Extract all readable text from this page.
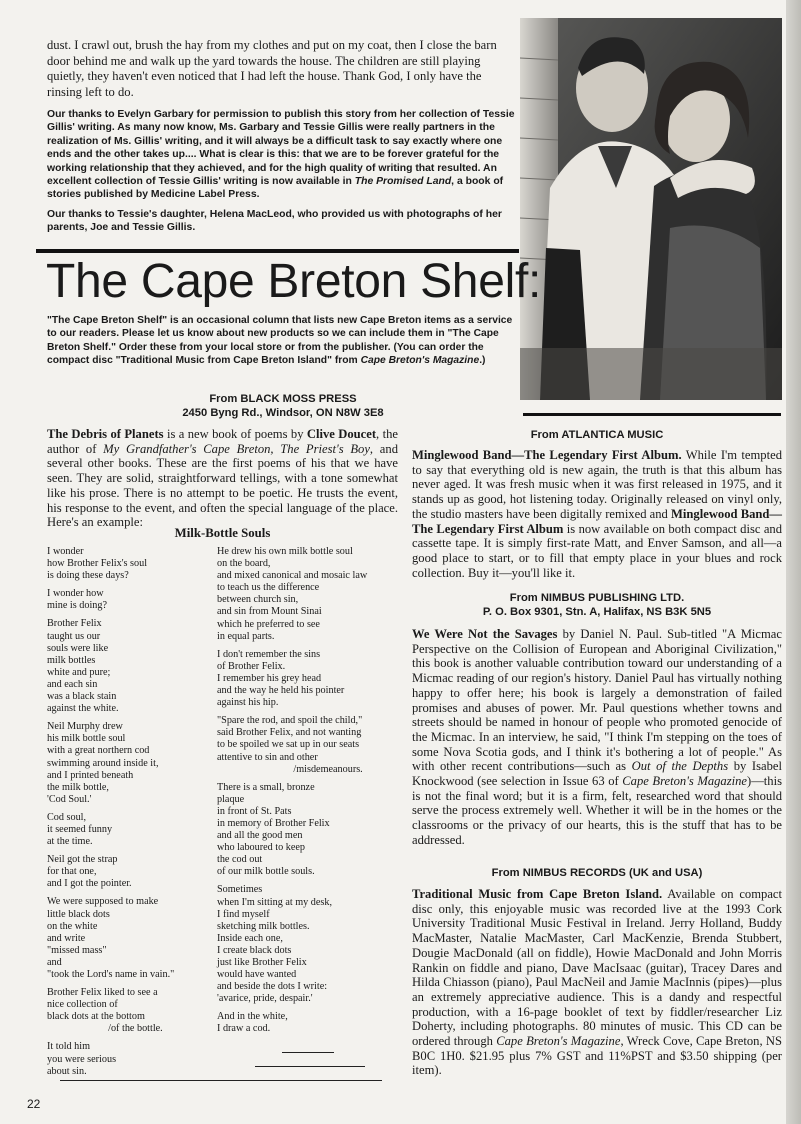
dust. I crawl out, brush the hay from my clothes and put on my coat, then I close the barn door behind me and walk up the yard towards the house. The children are still playing quietly, they haven't even noticed that I had left the house. Thank God, I only have the rinsing left to do.

Our thanks to Evelyn Garbary for permission to publish this story from her collection of Tessie Gillis' writing. As many now know, Ms. Garbary and Tessie Gillis were really partners in the realization of Ms. Gillis' writing, and it will always be a difficult task to say exactly where one ends and the other takes up.... What is clear is this: that we are to be forever grateful for the working relationship that they achieved, and for the high quality of writing that resulted. An excellent collection of Tessie Gillis' writing is now available in The Promised Land, a book of stories published by Medicine Label Press.

Our thanks to Tessie's daughter, Helena MacLeod, who provided us with photographs of her parents, Joe and Tessie Gillis.

The Cape Breton Shelf:

"The Cape Breton Shelf" is an occasional column that lists new Cape Breton items as a service to our readers. Please let us know about new products so we can include them in "The Cape Breton Shelf." Order these from your local store or from the publisher. (You can order the compact disc "Traditional Music from Cape Breton Island" from Cape Breton's Magazine.)

From BLACK MOSS PRESS
2450 Byng Rd., Windsor, ON N8W 3E8

The Debris of Planets is a new book of poems by Clive Doucet, the author of My Grandfather's Cape Breton, The Priest's Boy, and several other books. These are the first poems of his that we have seen. They are solid, straightforward tellings, with a tone somewhat like his prose. There is no attempt to be poetic. He trusts the event, his response to the event, and often the special language of the place. Here's an example:

Milk-Bottle Souls
I wonder
how Brother Felix's soul
is doing these days?
I wonder how
mine is doing?
Brother Felix
taught us our
souls were like
milk bottles
white and pure;
and each sin
was a black stain
against the white.
Neil Murphy drew
his milk bottle soul
with a great northern cod
swimming around inside it,
and I printed beneath
the milk bottle,
'Cod Soul.'
Cod soul,
it seemed funny
at the time.
Neil got the strap
for that one,
and I got the pointer.
We were supposed to make
little black dots
on the white
and write
"missed mass"
and
"took the Lord's name in vain."
Brother Felix liked to see a
nice collection of
black dots at the bottom
/of the bottle.
It told him
you were serious
about sin.
He drew his own milk bottle soul
on the board,
and mixed canonical and mosaic law
to teach us the difference
between church sin,
and sin from Mount Sinai
which he preferred to see
in equal parts.
I don't remember the sins
of Brother Felix.
I remember his grey head
and the way he held his pointer
against his hip.
"Spare the rod, and spoil the child,"
said Brother Felix, and not wanting
to be spoiled we sat up in our seats
attentive to sin and other
/misdemeanours.
There is a small, bronze
plaque
in front of St. Pats
in memory of Brother Felix
and all the good men
who laboured to keep
the cod out
of our milk bottle souls.
Sometimes
when I'm sitting at my desk,
I find myself
sketching milk bottles.
Inside each one,
I create black dots
just like Brother Felix
would have wanted
and beside the dots I write:
'avarice, pride, despair.'
And in the white,
I draw a cod.
From ATLANTICA MUSIC

Minglewood Band—The Legendary First Album. While I'm tempted to say that everything old is new again, the truth is that this album has never aged. It was fresh music when it was first released in 1975, and it stands up as good, hot listening today. Originally released on vinyl only, the studio masters have been digitally remixed and Minglewood Band—The Legendary First Album is now available on both compact disc and cassette tape. It is simply first-rate Matt, and Enver Samson, and all—a good place to start, or to fill that empty place in your blues and rock collection. Buy it—you'll like it.

From NIMBUS PUBLISHING LTD.
P. O. Box 9301, Stn. A, Halifax, NS B3K 5N5

We Were Not the Savages by Daniel N. Paul. Sub-titled "A Micmac Perspective on the Collision of European and Aboriginal Civilization," this book is another valuable contribution toward our understanding of a Micmac reading of our region's history. Daniel Paul has virtually nothing happy to offer here; his book is largely a demonstration of failed promises and abuses of power. Mr. Paul questions whether towns and streets should be named in honour of people who promoted genocide of the Micmac. In an interview, he said, "I think I'm stepping on the toes of some Nova Scotia gods, and I think it's bothering a lot of people." As with other recent contributions—such as Out of the Depths by Isabel Knockwood (see selection in Issue 63 of Cape Breton's Magazine)—this is not the final word; but it is a firm, felt, researched word that should serve the process extremely well. Whether it will be in the homes or the classrooms or the privacy of our hearts, this is the stuff that has to be addressed.

From NIMBUS RECORDS (UK and USA)

Traditional Music from Cape Breton Island. Available on compact disc only, this enjoyable music was recorded live at the 1993 Cork University Traditional Music Festival in Ireland. Jerry Holland, Buddy MacMaster, Natalie MacMaster, Carl MacKenzie, Brenda Stubbert, Dougie MacDonald (all on fiddle), Howie MacDonald and John Morris Rankin on fiddle and piano, Dave MacIsaac (guitar), Tracey Dares and Hilda Chiasson (piano), Paul MacNeil and Jamie MacInnis (pipes)—plus an extremely appreciative audience. This is a dandy and respectful production, with a 16-page booklet of text by fiddler/researcher Liz Doherty, including photographs. 80 minutes of music. This CD can be ordered through Cape Breton's Magazine, Wreck Cove, Cape Breton, NS B0C 1H0. $21.95 plus 7% GST and 11%PST and $3.50 shipping (per item).

22
